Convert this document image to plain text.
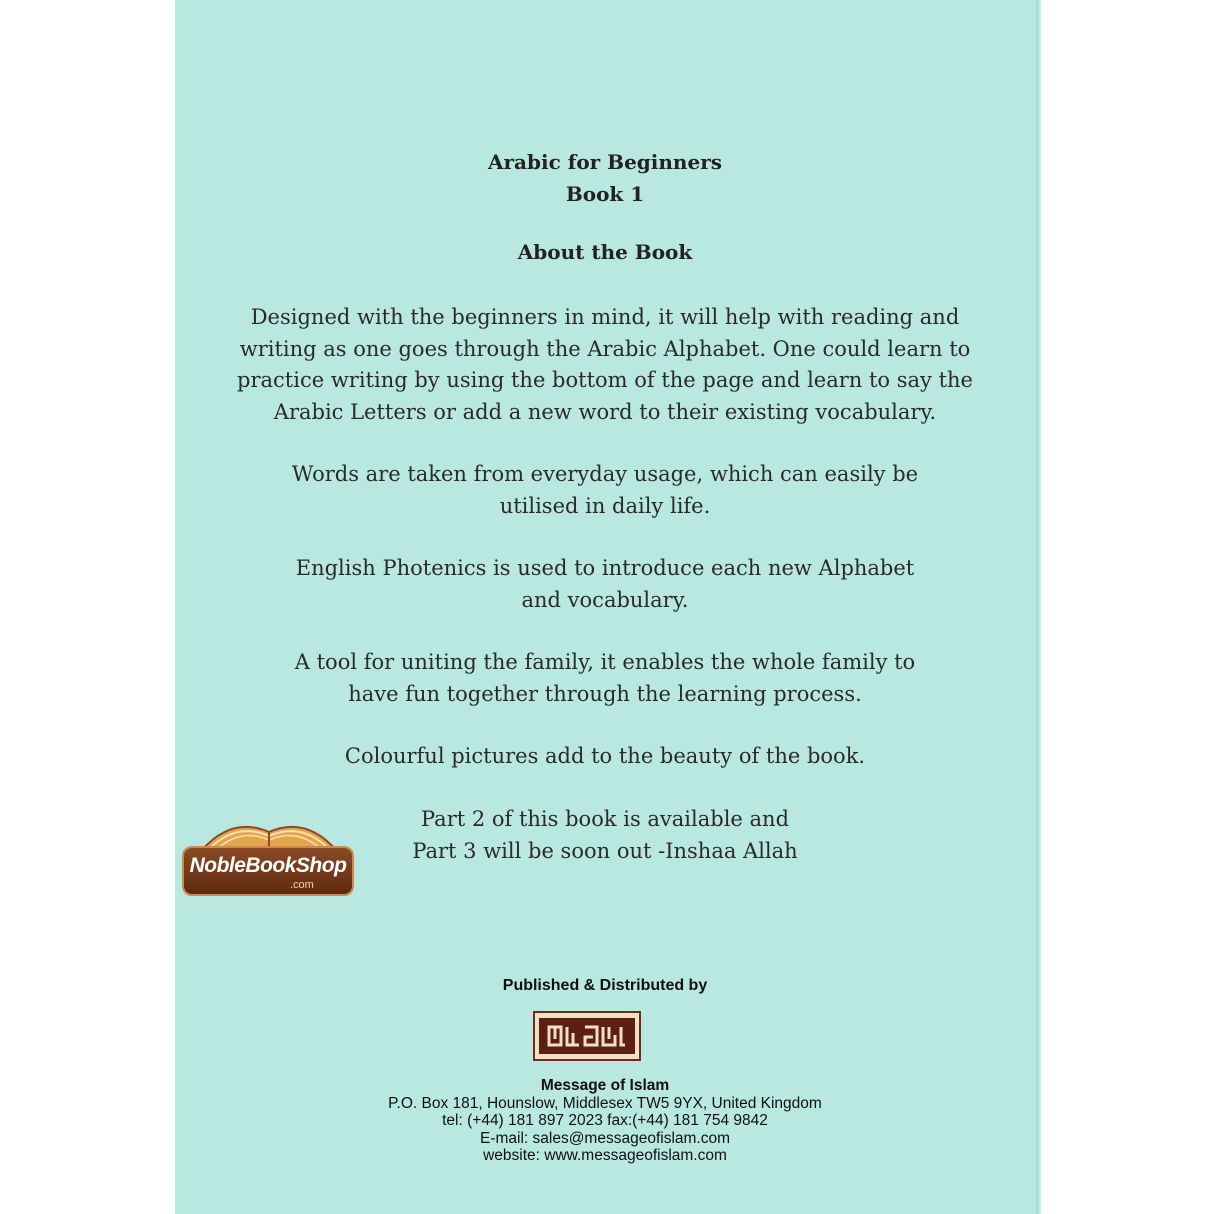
Arabic for Beginners
Book 1
About the Book
Designed with the beginners in mind, it will help with reading and
writing as one goes through the Arabic Alphabet. One could learn to
practice writing by using the bottom of the page and learn to say the
Arabic Letters or add a new word to their existing vocabulary.
Words are taken from everyday usage, which can easily be
utilised in daily life.
English Photenics is used to introduce each new Alphabet
and vocabulary.
A tool for uniting the family, it enables the whole family to
have fun together through the learning process.
Colourful pictures add to the beauty of the book.
Part 2 of this book is available and
Part 3 will be soon out -Inshaa Allah
NobleBookShop
.com
Published & Distributed by
Message of Islam
P.O. Box 181, Hounslow, Middlesex TW5 9YX, United Kingdom
tel: (+44) 181 897 2023 fax:(+44) 181 754 9842
E-mail: sales@messageofislam.com
website: www.messageofislam.com
